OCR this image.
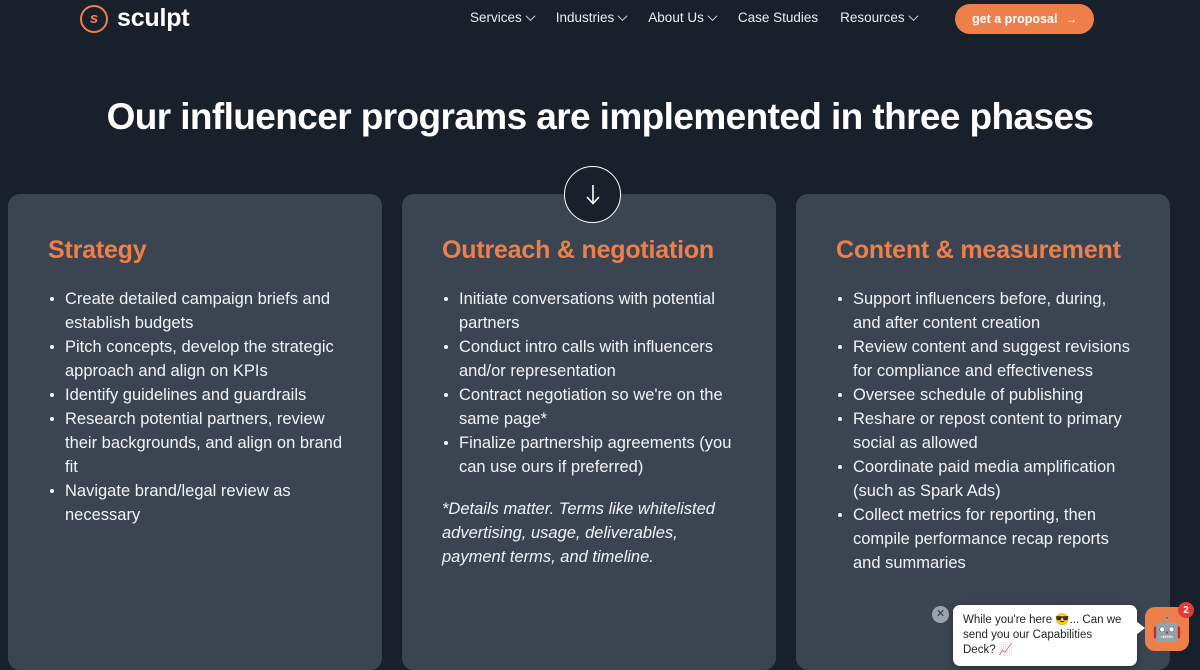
s sculpt	Services	Industries	About Us	Case Studies Resources	get a proposal →
Our influencer programs are implemented in three phases
Strategy
Create detailed campaign briefs and establish budgets
Pitch concepts, develop the strategic approach and align on KPIs
Identify guidelines and guardrails
Research potential partners, review their backgrounds, and align on brand fit
Navigate brand/legal review as necessary
Outreach & negotiation
Initiate conversations with potential partners
Conduct intro calls with influencers and/or representation
Contract negotiation so we're on the same page*
Finalize partnership agreements (you can use ours if preferred)
*Details matter. Terms like whitelisted advertising, usage, deliverables, payment terms, and timeline.
Content & measurement
Support influencers before, during, and after content creation
Review content and suggest revisions for compliance and effectiveness
Oversee schedule of publishing
Reshare or repost content to primary social as allowed
Coordinate paid media amplification (such as Spark Ads)
Collect metrics for reporting, then compile performance recap reports and summaries
✕	While you're here 😎... Can we send you our Capabilities Deck? 📈
2
🤖
